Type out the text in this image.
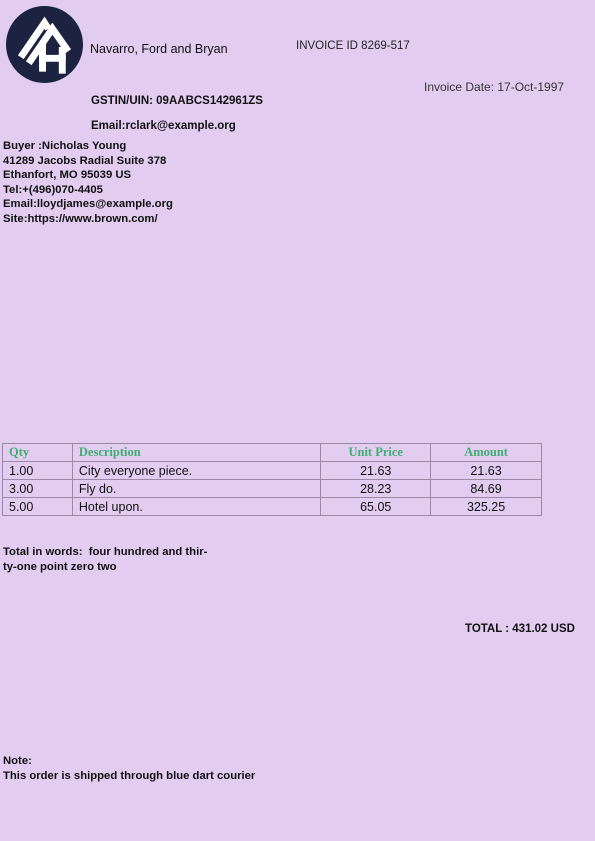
Navarro, Ford and Bryan	INVOICE ID 8269-517
Invoice Date: 17-Oct-1997
GSTIN/UIN: 09AABCS142961ZS
Email:rclark@example.org
Buyer :Nicholas Young
41289 Jacobs Radial Suite 378
Ethanfort, MO 95039 US
Tel:+(496)070-4405
Email:lloydjames@example.org
Site:https://www.brown.com/
Qty	Description	Unit Price	Amount
1.00	City everyone piece.	21.63	21.63
3.00	Fly do.	28.23	84.69
5.00	Hotel upon.	65.05	325.25
Total in words:  four hundred and thir-
ty-one point zero two
TOTAL : 431.02 USD
Note:
This order is shipped through blue dart courier
